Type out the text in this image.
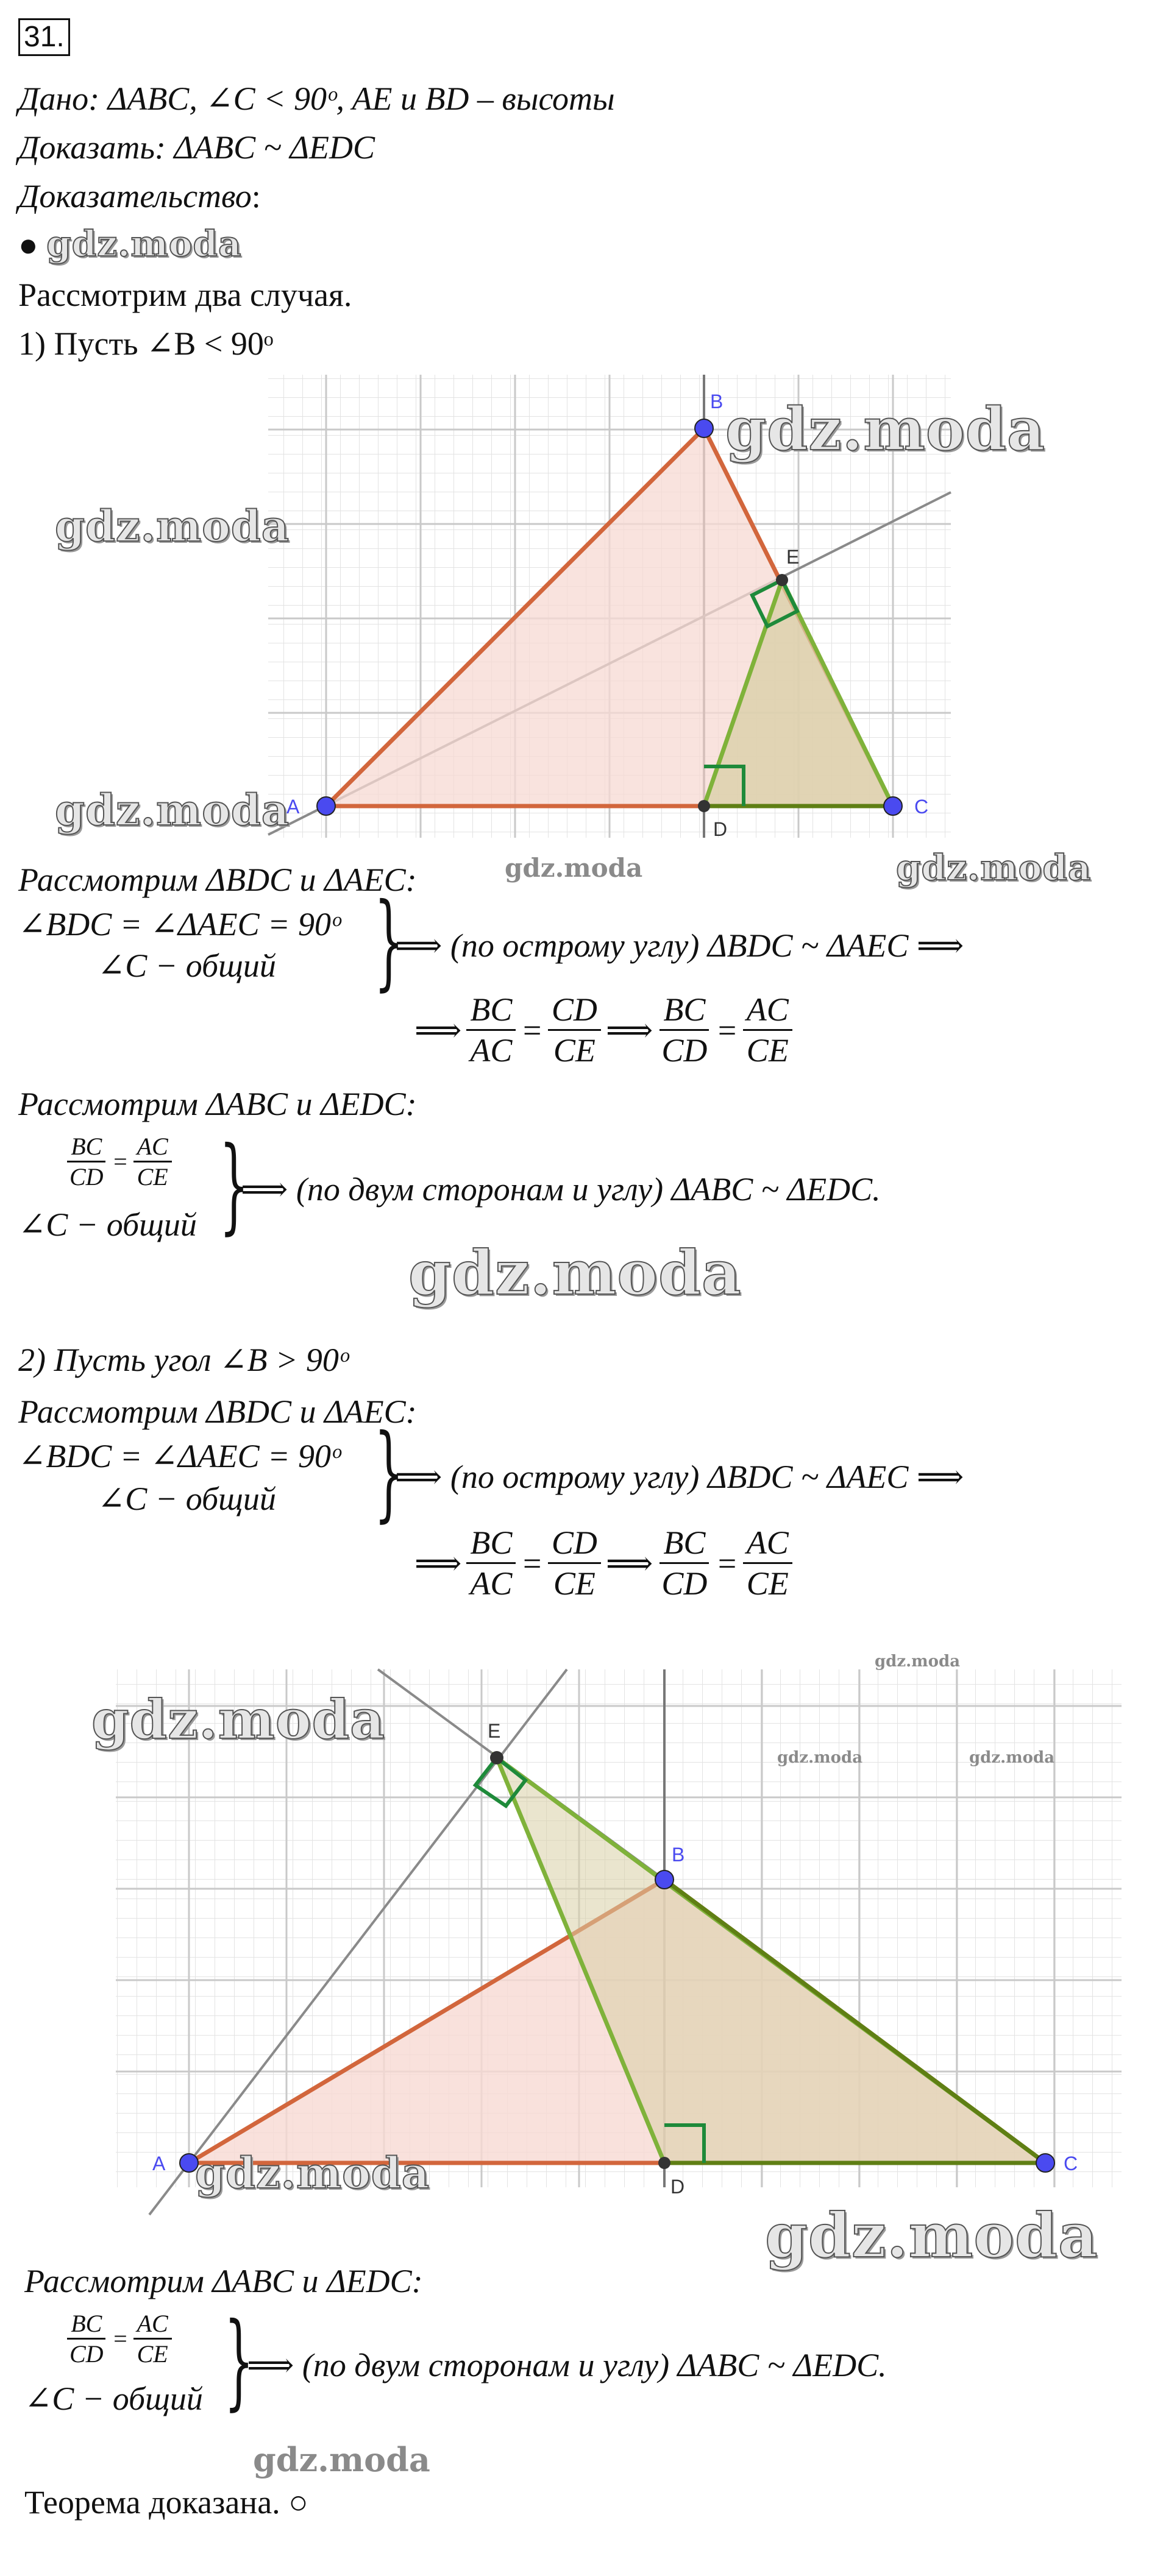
31.
Дано: ΔABC, ∠C < 90ᵒ, AE и BD – высоты
Доказать: ΔABC ~ ΔEDC
Доказательство:
● gdz.moda
Рассмотрим два случая.
1) Пусть ∠B < 90ᵒ
A
B
C
D
E
gdz.moda
gdz.moda
gdz.moda
gdz.moda
gdz.moda
Рассмотрим ΔBDC и ΔAEC:
∠BDC = ∠ΔAEC = 90ᵒ
∠C − общий }
⟹ (по острому углу) ΔBDC ~ ΔAEC ⟹
⟹ $\frac{BC}{AC} = \frac{CD}{CE}$ ⟹ $\frac{BC}{CD} = \frac{AC}{CE}$
Рассмотрим ΔABC и ΔEDC:
$\frac{BC}{CD} = \frac{AC}{CE}$
∠C − общий }
⟹ (по двум сторонам и углу) ΔABC ~ ΔEDC.
gdz.moda
2) Пусть угол ∠B > 90ᵒ
Рассмотрим ΔBDC и ΔAEC:
∠BDC = ∠ΔAEC = 90ᵒ
∠C − общий }
⟹ (по острому углу) ΔBDC ~ ΔAEC ⟹
⟹ $\frac{BC}{AC} = \frac{CD}{CE}$ ⟹ $\frac{BC}{CD} = \frac{AC}{CE}$
A
B
C
D
E
gdz.moda
gdz.moda
gdz.moda	gdz.moda
gdz.moda
gdz.moda
Рассмотрим ΔABC и ΔEDC:
$\frac{BC}{CD} = \frac{AC}{CE}$
∠C − общий }
⟹ (по двум сторонам и углу) ΔABC ~ ΔEDC.
gdz.moda
Теорема доказана. ○
